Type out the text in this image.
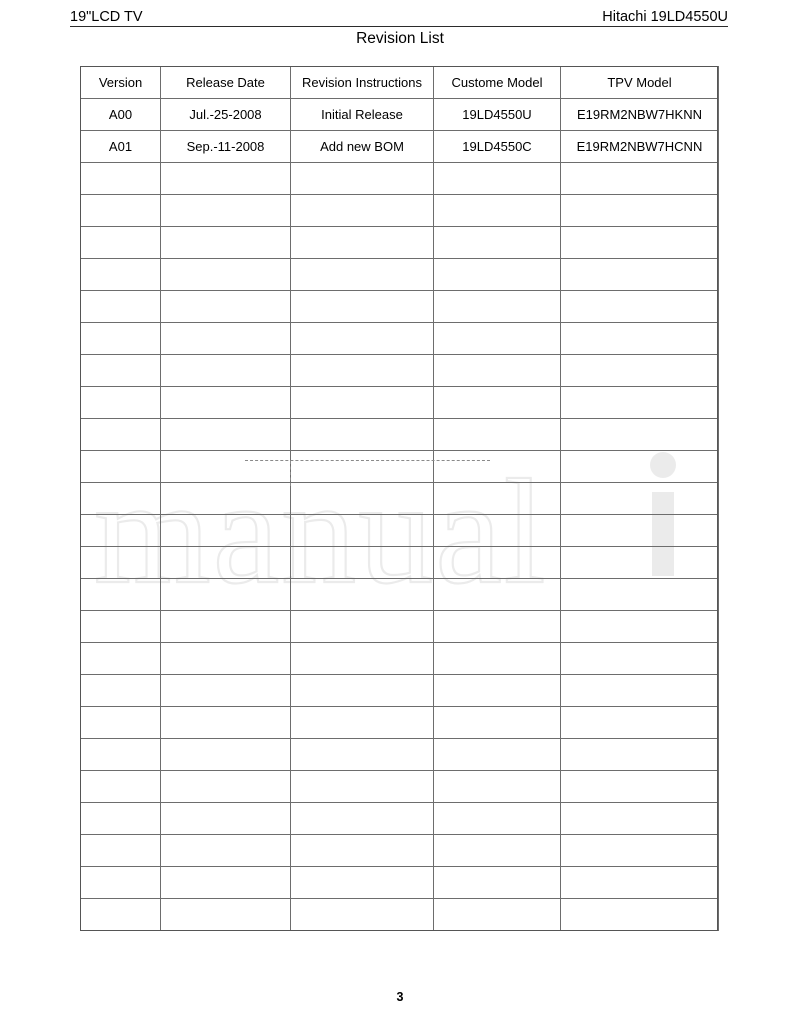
19"LCD TV	Hitachi 19LD4550U
Revision List
manual
Version	Release Date	Revision Instructions	Custome Model	TPV Model
A00	Jul.-25-2008	Initial Release	19LD4550U	E19RM2NBW7HKNN
A01	Sep.-11-2008	Add new BOM	19LD4550C	E19RM2NBW7HCNN

3
